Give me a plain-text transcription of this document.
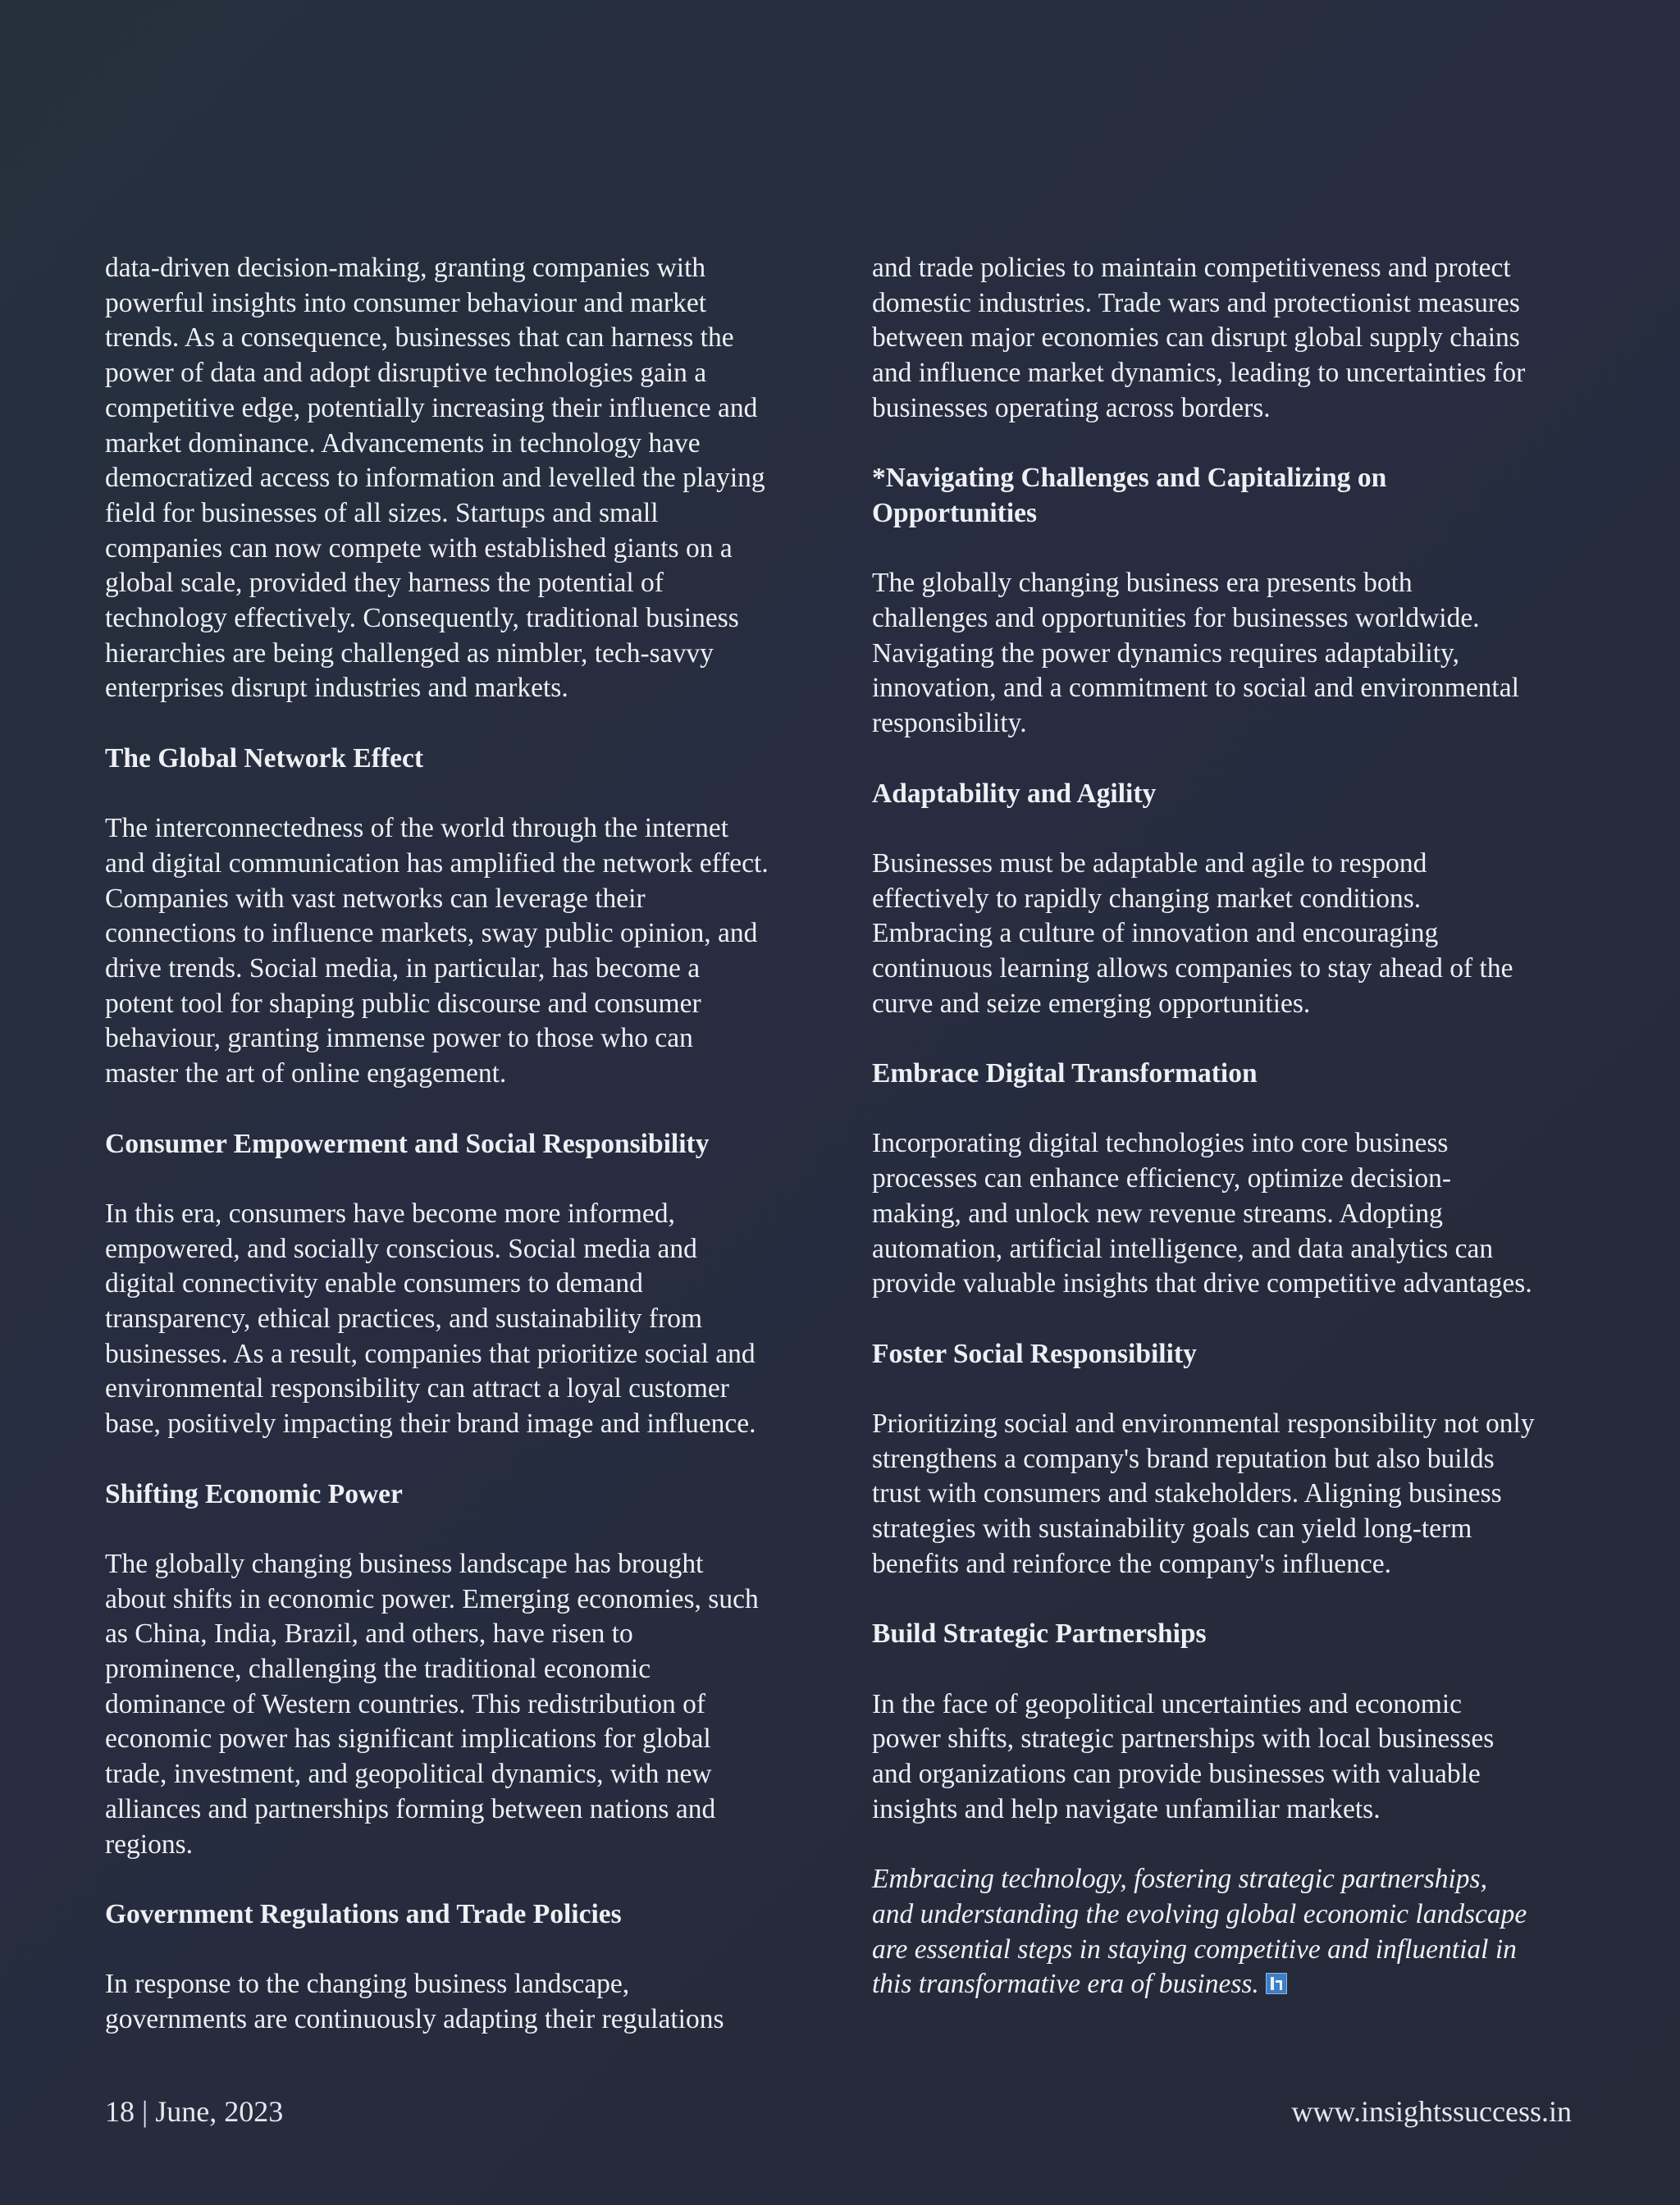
data-driven decision-making, granting companies with
powerful insights into consumer behaviour and market
trends. As a consequence, businesses that can harness the
power of data and adopt disruptive technologies gain a
competitive edge, potentially increasing their influence and
market dominance. Advancements in technology have
democratized access to information and levelled the playing
field for businesses of all sizes. Startups and small
companies can now compete with established giants on a
global scale, provided they harness the potential of
technology effectively. Consequently, traditional business
hierarchies are being challenged as nimbler, tech-savvy
enterprises disrupt industries and markets.

The Global Network Effect

The interconnectedness of the world through the internet
and digital communication has amplified the network effect.
Companies with vast networks can leverage their
connections to influence markets, sway public opinion, and
drive trends. Social media, in particular, has become a
potent tool for shaping public discourse and consumer
behaviour, granting immense power to those who can
master the art of online engagement.

Consumer Empowerment and Social Responsibility

In this era, consumers have become more informed,
empowered, and socially conscious. Social media and
digital connectivity enable consumers to demand
transparency, ethical practices, and sustainability from
businesses. As a result, companies that prioritize social and
environmental responsibility can attract a loyal customer
base, positively impacting their brand image and influence.

Shifting Economic Power

The globally changing business landscape has brought
about shifts in economic power. Emerging economies, such
as China, India, Brazil, and others, have risen to
prominence, challenging the traditional economic
dominance of Western countries. This redistribution of
economic power has significant implications for global
trade, investment, and geopolitical dynamics, with new
alliances and partnerships forming between nations and
regions.

Government Regulations and Trade Policies

In response to the changing business landscape,
governments are continuously adapting their regulations

and trade policies to maintain competitiveness and protect
domestic industries. Trade wars and protectionist measures
between major economies can disrupt global supply chains
and influence market dynamics, leading to uncertainties for
businesses operating across borders.

*Navigating Challenges and Capitalizing on
Opportunities

The globally changing business era presents both
challenges and opportunities for businesses worldwide.
Navigating the power dynamics requires adaptability,
innovation, and a commitment to social and environmental
responsibility.

Adaptability and Agility

Businesses must be adaptable and agile to respond
effectively to rapidly changing market conditions.
Embracing a culture of innovation and encouraging
continuous learning allows companies to stay ahead of the
curve and seize emerging opportunities.

Embrace Digital Transformation

Incorporating digital technologies into core business
processes can enhance efficiency, optimize decision-
making, and unlock new revenue streams. Adopting
automation, artificial intelligence, and data analytics can
provide valuable insights that drive competitive advantages.

Foster Social Responsibility

Prioritizing social and environmental responsibility not only
strengthens a company's brand reputation but also builds
trust with consumers and stakeholders. Aligning business
strategies with sustainability goals can yield long-term
benefits and reinforce the company's influence.

Build Strategic Partnerships

In the face of geopolitical uncertainties and economic
power shifts, strategic partnerships with local businesses
and organizations can provide businesses with valuable
insights and help navigate unfamiliar markets.

Embracing technology, fostering strategic partnerships,
and understanding the evolving global economic landscape
are essential steps in staying competitive and influential in
this transformative era of business.

18 | June, 2023	www.insightssuccess.in
